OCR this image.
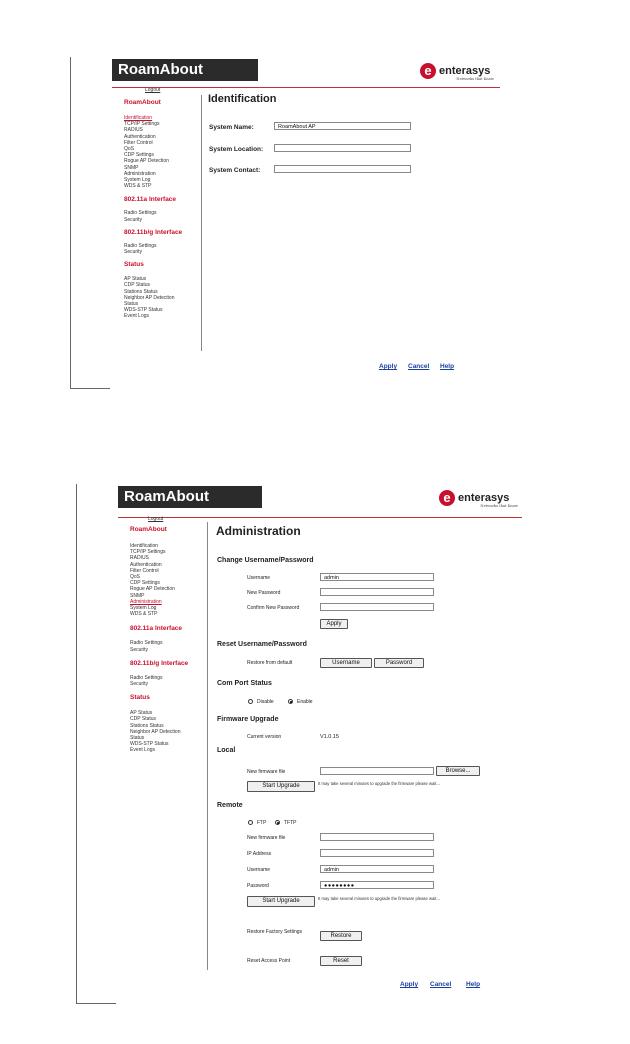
RoamAbout	e enterasys
Networks that Know
Logout
RoamAbout
Identification
TCP/IP Settings
RADIUS
Authentication
Filter Control
QoS
CDP Settings
Rogue AP Detection
SNMP
Administration
System Log
WDS & STP
802.11a Interface
Radio Settings
Security
802.11b/g Interface
Radio Settings
Security
Status
AP Status
CDP Status
Stations Status
Neighbor AP Detection
Status
WDS-STP Status
Event Logs
Identification
System Name:	RoamAbout AP
System Location:
System Contact:
Apply Cancel Help
RoamAbout	e enterasys
Networks that Know
Logout
RoamAbout
Identification
TCP/IP Settings
RADIUS
Authentication
Filter Control
QoS
CDP Settings
Rogue AP Detection
SNMP
Administration
System Log
WDS & STP
802.11a Interface
Radio Settings
Security
802.11b/g Interface
Radio Settings
Security
Status
AP Status
CDP Status
Stations Status
Neighbor AP Detection
Status
WDS-STP Status
Event Logs
Administration
Change Username/Password
Username	admin
New Password
Confirm New Password
Apply
Reset Username/Password
Restore from default	Username	Password
Com Port Status
Disable	Enable
Firmware Upgrade
Current version	V1.0.15
Local
New firmware file	Browse...
Start Upgrade	It may take several minutes to upgrade the firmware please wait...
Remote
FTP	TFTP
New firmware file
IP Address
Username	admin
Password	●●●●●●●●
Start Upgrade	It may take several minutes to upgrade the firmware please wait...
Restore Factory Settings
Restore
Reset Access Point	Reset
Apply Cancel Help
